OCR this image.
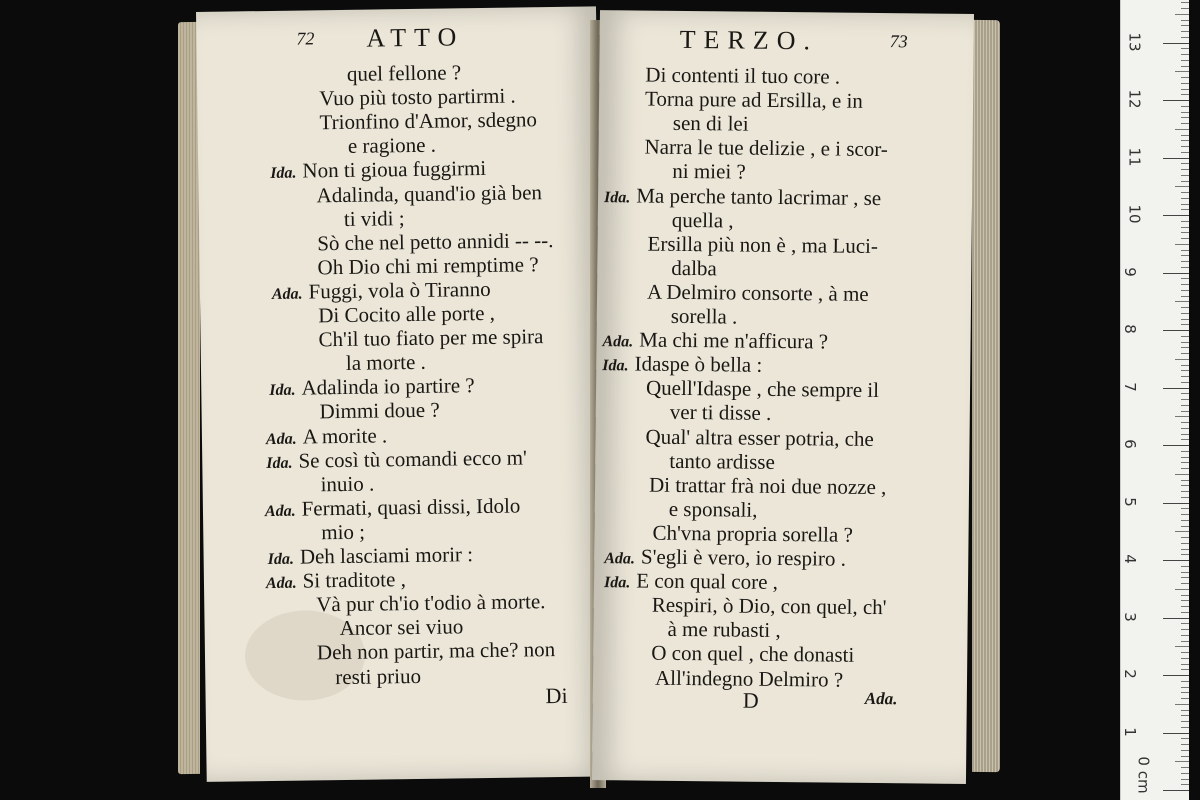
72 ATTO
quel fellone ?
Vuo più tosto partirmi .
Trionfino d'Amor, sdegno
e ragione .
Ida. Non ti gioua fuggirmi
Adalinda, quand'io già ben
ti vidi ;
Sò che nel petto annidi -- --.
Oh Dio chi mi remptime ?
Ada. Fuggi, vola ò Tiranno
Di Cocito alle porte ,
Ch'il tuo fiato per me spira
la morte .
Ida. Adalinda io partire ?
Dimmi doue ?
Ada. A morite .
Ida. Se così tù comandi ecco m'
inuio .
Ada. Fermati, quasi dissi, Idolo
mio ;
Ida. Deh lasciami morir :
Ada. Si traditote ,
Và pur ch'io t'odio à morte.
Ancor sei viuo
Deh non partir, ma che? non
resti priuo
Di
TERZO.	73
Di contenti il tuo core .
Torna pure ad Ersilla, e in
sen di lei
Narra le tue delizie , e i scor-
ni miei ?
Ida. Ma perche tanto lacrimar , se
quella ,
Ersilla più non è , ma Luci-
dalba
A Delmiro consorte , à me
sorella .
Ada. Ma chi me n'afficura ?
Ida. Idaspe ò bella :
Quell'Idaspe , che sempre il
ver ti disse .
Qual' altra esser potria, che
tanto ardisse
Di trattar frà noi due nozze ,
e sponsali,
Ch'vna propria sorella ?
Ada. S'egli è vero, io respiro .
Ida. E con qual core ,
Respiri, ò Dio, con quel, ch'
à me rubasti ,
O con quel , che donasti
All'indegno Delmiro ?
D	Ada.
0 cm
1
2
3
4
5
6
7
8
9
10
11
12
13
